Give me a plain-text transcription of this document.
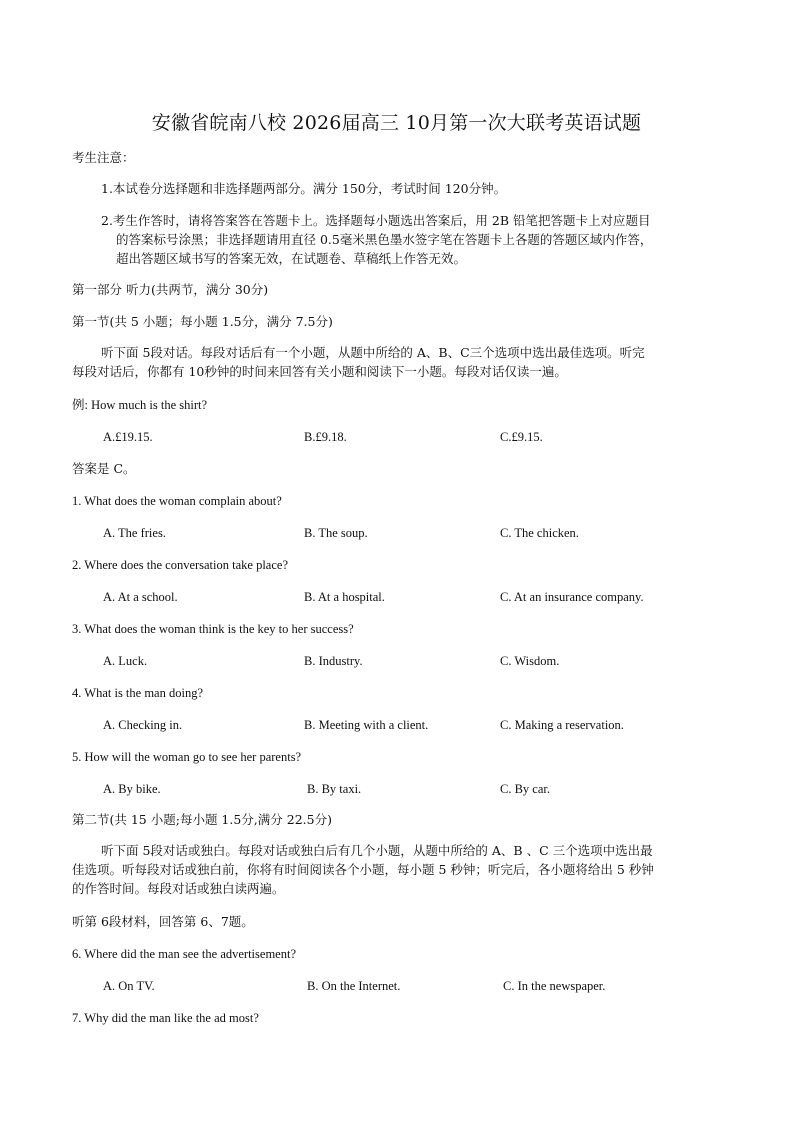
安徽省皖南八校 2026届高三 10月第一次大联考英语试题
考生注意：
1.本试卷分选择题和非选择题两部分。满分 150分，考试时间 120分钟。
2.考生作答时，请将答案答在答题卡上。选择题每小题选出答案后，用 2B 铅笔把答题卡上对应题目
的答案标号涂黑；非选择题请用直径 0.5毫米黑色墨水签字笔在答题卡上各题的答题区域内作答，
超出答题区域书写的答案无效，在试题卷、草稿纸上作答无效。
第一部分 听力(共两节，满分 30分)
第一节(共 5 小题；每小题 1.5分，满分 7.5分)
听下面 5段对话。每段对话后有一个小题，从题中所给的 A、B、C三个选项中选出最佳选项。听完
每段对话后，你都有 10秒钟的时间来回答有关小题和阅读下一小题。每段对话仅读一遍。
例: How much is the shirt?
A.£19.15.	B.£9.18.	C.£9.15.
答案是 C。
1. What does the woman complain about?
A. The fries.	B. The soup.	C. The chicken.
2. Where does the conversation take place?
A. At a school.	B. At a hospital.	C. At an insurance company.
3. What does the woman think is the key to her success?
A. Luck.	B. Industry.	C. Wisdom.
4. What is the man doing?
A. Checking in.	B. Meeting with a client.	C. Making a reservation.
5. How will the woman go to see her parents?
A. By bike.	B. By taxi.	C. By car.
第二节(共 15 小题;每小题 1.5分,满分 22.5分)
听下面 5段对话或独白。每段对话或独白后有几个小题，从题中所给的 A、B 、C 三个选项中选出最
佳选项。听每段对话或独白前，你将有时间阅读各个小题，每小题 5 秒钟；听完后，各小题将给出 5 秒钟
的作答时间。每段对话或独白读两遍。
听第 6段材料，回答第 6、7题。
6. Where did the man see the advertisement?
A. On TV.	B. On the Internet.	C. In the newspaper.
7. Why did the man like the ad most?
